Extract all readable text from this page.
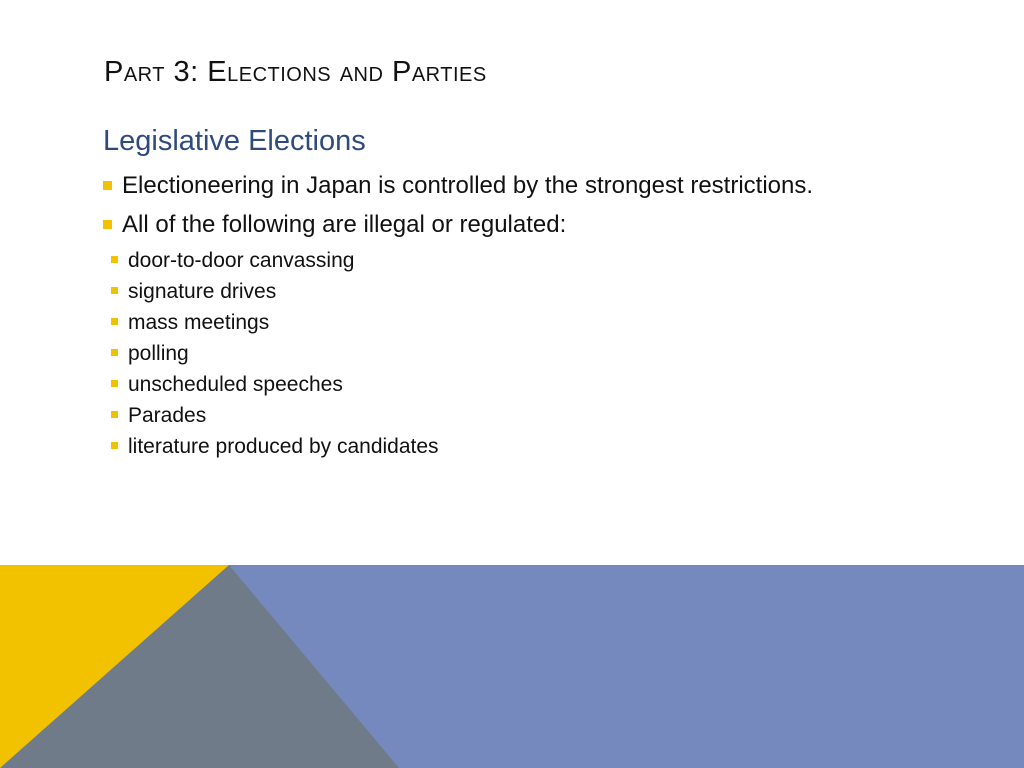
Part 3: Elections and Parties
Legislative Elections
Electioneering in Japan is controlled by the strongest restrictions.
All of the following are illegal or regulated:
door-to-door canvassing
signature drives
mass meetings
polling
unscheduled speeches
Parades
literature produced by candidates
